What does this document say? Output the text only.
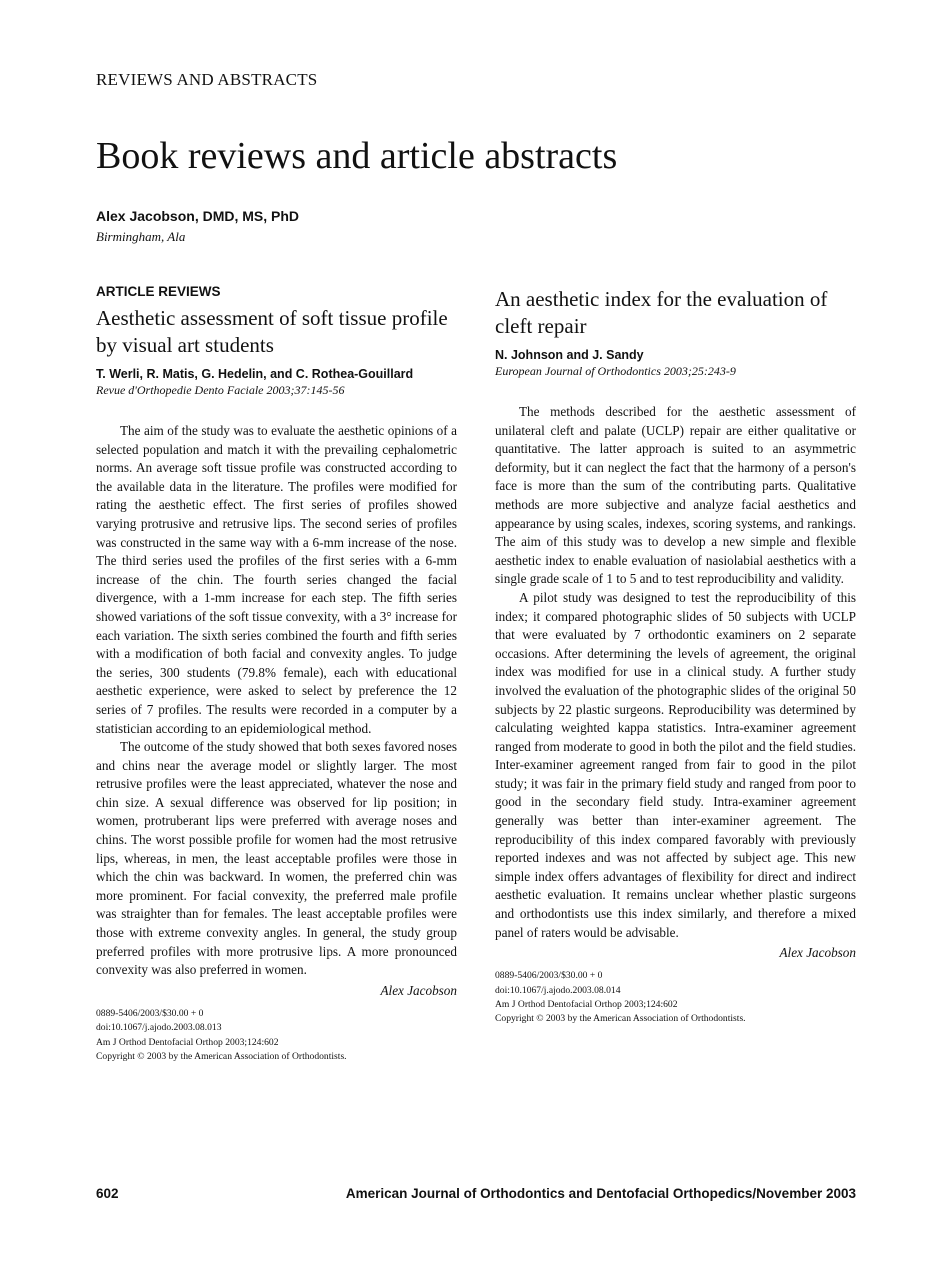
REVIEWS AND ABSTRACTS
Book reviews and article abstracts
Alex Jacobson, DMD, MS, PhD
Birmingham, Ala
ARTICLE REVIEWS
Aesthetic assessment of soft tissue profile by visual art students
T. Werli, R. Matis, G. Hedelin, and C. Rothea-Gouillard
Revue d'Orthopedie Dento Faciale 2003;37:145-56

The aim of the study was to evaluate the aesthetic opinions of a selected population and match it with the prevailing cephalometric norms. An average soft tissue profile was constructed according to the available data in the literature. The profiles were modified for rating the aesthetic effect. The first series of profiles showed varying protrusive and retrusive lips. The second series of profiles was constructed in the same way with a 6-mm increase of the nose. The third series used the profiles of the first series with a 6-mm increase of the chin. The fourth series changed the facial divergence, with a 1-mm increase for each step. The fifth series showed variations of the soft tissue convexity, with a 3° increase for each variation. The sixth series combined the fourth and fifth series with a modification of both facial and convexity angles. To judge the series, 300 students (79.8% female), each with educational aesthetic experience, were asked to select by preference the 12 series of 7 profiles. The results were recorded in a computer by a statistician according to an epidemiological method.

The outcome of the study showed that both sexes favored noses and chins near the average model or slightly larger. The most retrusive profiles were the least appreciated, whatever the nose and chin size. A sexual difference was observed for lip position; in women, protruberant lips were preferred with average noses and chins. The worst possible profile for women had the most retrusive lips, whereas, in men, the least acceptable profiles were those in which the chin was backward. In women, the preferred chin was more prominent. For facial convexity, the preferred male profile was straighter than for females. The least acceptable profiles were those with extreme convexity angles. In general, the study group preferred profiles with more protrusive lips. A more pronounced convexity was also preferred in women.

Alex Jacobson
0889-5406/2003/$30.00 + 0
doi:10.1067/j.ajodo.2003.08.013
Am J Orthod Dentofacial Orthop 2003;124:602
Copyright © 2003 by the American Association of Orthodontists.
An aesthetic index for the evaluation of cleft repair
N. Johnson and J. Sandy
European Journal of Orthodontics 2003;25:243-9

The methods described for the aesthetic assessment of unilateral cleft and palate (UCLP) repair are either qualitative or quantitative. The latter approach is suited to an asymmetric deformity, but it can neglect the fact that the harmony of a person's face is more than the sum of the contributing parts. Qualitative methods are more subjective and analyze facial aesthetics and appearance by using scales, indexes, scoring systems, and rankings. The aim of this study was to develop a new simple and flexible aesthetic index to enable evaluation of nasiolabial aesthetics with a single grade scale of 1 to 5 and to test reproducibility and validity.

A pilot study was designed to test the reproducibility of this index; it compared photographic slides of 50 subjects with UCLP that were evaluated by 7 orthodontic examiners on 2 separate occasions. After determining the levels of agreement, the original index was modified for use in a clinical study. A further study involved the evaluation of the photographic slides of the original 50 subjects by 22 plastic surgeons. Reproducibility was determined by calculating weighted kappa statistics. Intra-examiner agreement ranged from moderate to good in both the pilot and the field studies. Inter-examiner agreement ranged from fair to good in the pilot study; it was fair in the primary field study and ranged from poor to good in the secondary field study. Intra-examiner agreement generally was better than inter-examiner agreement. The reproducibility of this index compared favorably with previously reported indexes and was not affected by subject age. This new simple index offers advantages of flexibility for direct and indirect aesthetic evaluation. It remains unclear whether plastic surgeons and orthodontists use this index similarly, and therefore a mixed panel of raters would be advisable.

Alex Jacobson
0889-5406/2003/$30.00 + 0
doi:10.1067/j.ajodo.2003.08.014
Am J Orthod Dentofacial Orthop 2003;124:602
Copyright © 2003 by the American Association of Orthodontists.
602	American Journal of Orthodontics and Dentofacial Orthopedics/November 2003
